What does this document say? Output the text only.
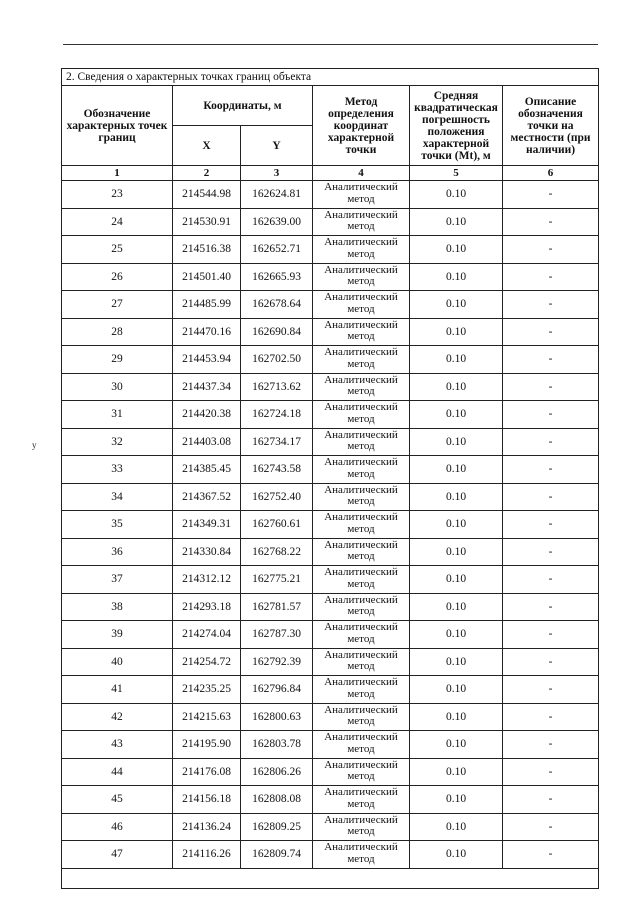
у
2. Сведения о характерных точках границ объекта					
Обозначение характерных точек границ	Координаты, м		Метод определения координат характерной точки	Средняя квадратическая погрешность положения характерной точки (Mt), м	Описание обозначения точки на местности (при наличии)
	X	Y			
1	2	3	4	5	6
23	214544.98	162624.81	Аналитический метод	0.10	-
24	214530.91	162639.00	Аналитический метод	0.10	-
25	214516.38	162652.71	Аналитический метод	0.10	-
26	214501.40	162665.93	Аналитический метод	0.10	-
27	214485.99	162678.64	Аналитический метод	0.10	-
28	214470.16	162690.84	Аналитический метод	0.10	-
29	214453.94	162702.50	Аналитический метод	0.10	-
30	214437.34	162713.62	Аналитический метод	0.10	-
31	214420.38	162724.18	Аналитический метод	0.10	-
32	214403.08	162734.17	Аналитический метод	0.10	-
33	214385.45	162743.58	Аналитический метод	0.10	-
34	214367.52	162752.40	Аналитический метод	0.10	-
35	214349.31	162760.61	Аналитический метод	0.10	-
36	214330.84	162768.22	Аналитический метод	0.10	-
37	214312.12	162775.21	Аналитический метод	0.10	-
38	214293.18	162781.57	Аналитический метод	0.10	-
39	214274.04	162787.30	Аналитический метод	0.10	-
40	214254.72	162792.39	Аналитический метод	0.10	-
41	214235.25	162796.84	Аналитический метод	0.10	-
42	214215.63	162800.63	Аналитический метод	0.10	-
43	214195.90	162803.78	Аналитический метод	0.10	-
44	214176.08	162806.26	Аналитический метод	0.10	-
45	214156.18	162808.08	Аналитический метод	0.10	-
46	214136.24	162809.25	Аналитический метод	0.10	-
47	214116.26	162809.74	Аналитический метод	0.10	-
